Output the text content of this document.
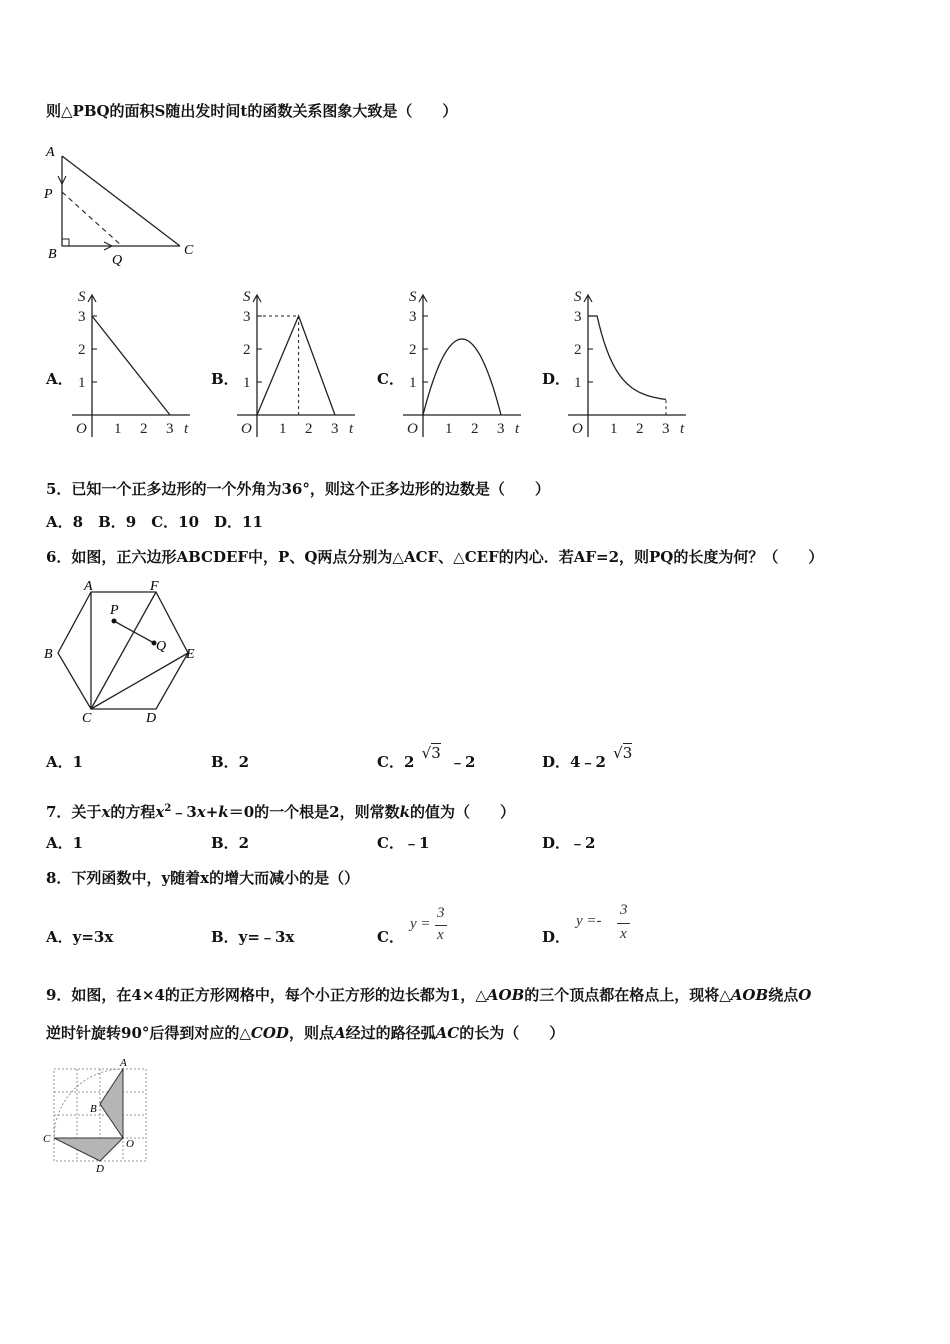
则△PBQ的面积S随出发时间t的函数关系图象大致是（　　）
A
P
B	Q
C
A．	B．	C．	D．
S
t
O
1
1
2
2
3
3
S
t
O
1
1
2
2
3
3
S
t
O
1
1
2
2
3
3
S
t
O
1
1
2
2
3
3
5．已知一个正多边形的一个外角为36°，则这个正多边形的边数是（　　）
A．8　B．9　C．10　D．11
6．如图，正六边形ABCDEF中，P、Q两点分别为△ACF、△CEF的内心．若AF=2，则PQ的长度为何？（　　）
A	F
P
Q
B	E
C	D
A．1	B．2	C．2 √3 ﹣2	D．4﹣2 √3
7．关于x的方程$x^2﹣3x+k=0$的一个根是2，则常数k的值为（　　）
A．1	B．2	C．﹣1	D．﹣2
8．下列函数中，y随着x的增大而减小的是（）
A．y=3x	B．y=﹣3x	C．	D．
y =
3
x
y =-
3
x
9．如图，在4×4的正方形网格中，每个小正方形的边长都为1，△AOB的三个顶点都在格点上，现将△AOB绕点O
逆时针旋转90°后得到对应的△COD，则点A经过的路径弧AC的长为（　　）
A
B
C	O
D
